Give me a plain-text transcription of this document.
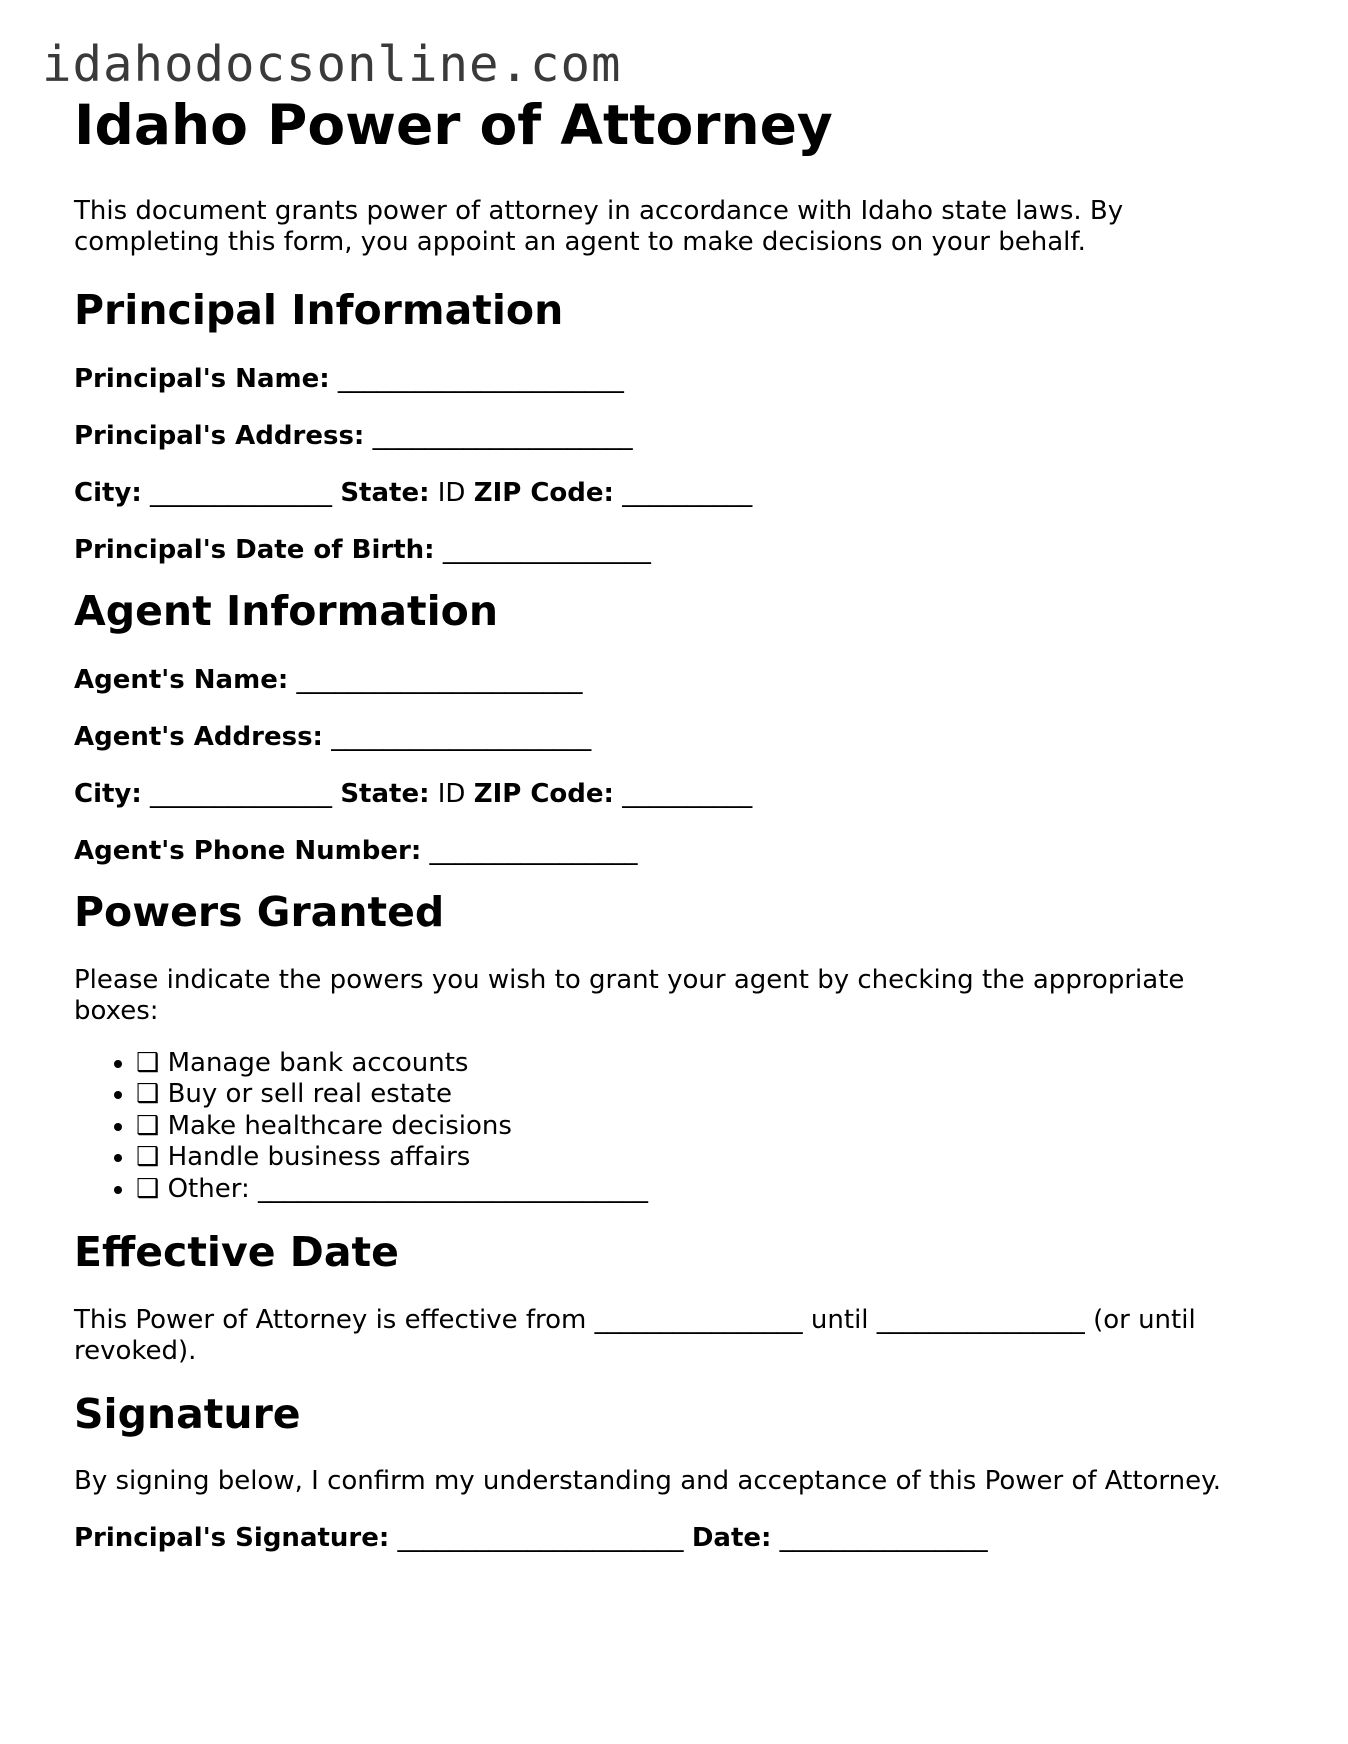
idahodocsonline.com
Idaho Power of Attorney

This document grants power of attorney in accordance with Idaho state laws. By completing this form, you appoint an agent to make decisions on your behalf.

Principal Information

Principal's Name: ______________________

Principal's Address: ____________________

City: ______________ State: ID ZIP Code: __________

Principal's Date of Birth: ________________

Agent Information

Agent's Name: ______________________

Agent's Address: ____________________

City: ______________ State: ID ZIP Code: __________

Agent's Phone Number: ________________

Powers Granted

Please indicate the powers you wish to grant your agent by checking the appropriate boxes:

• ❑ Manage bank accounts
• ❑ Buy or sell real estate
• ❑ Make healthcare decisions
• ❑ Handle business affairs
• ❑ Other: ______________________________
Effective Date

This Power of Attorney is effective from ________________ until ________________ (or until revoked).

Signature

By signing below, I confirm my understanding and acceptance of this Power of Attorney.

Principal's Signature: ______________________ Date: ________________
